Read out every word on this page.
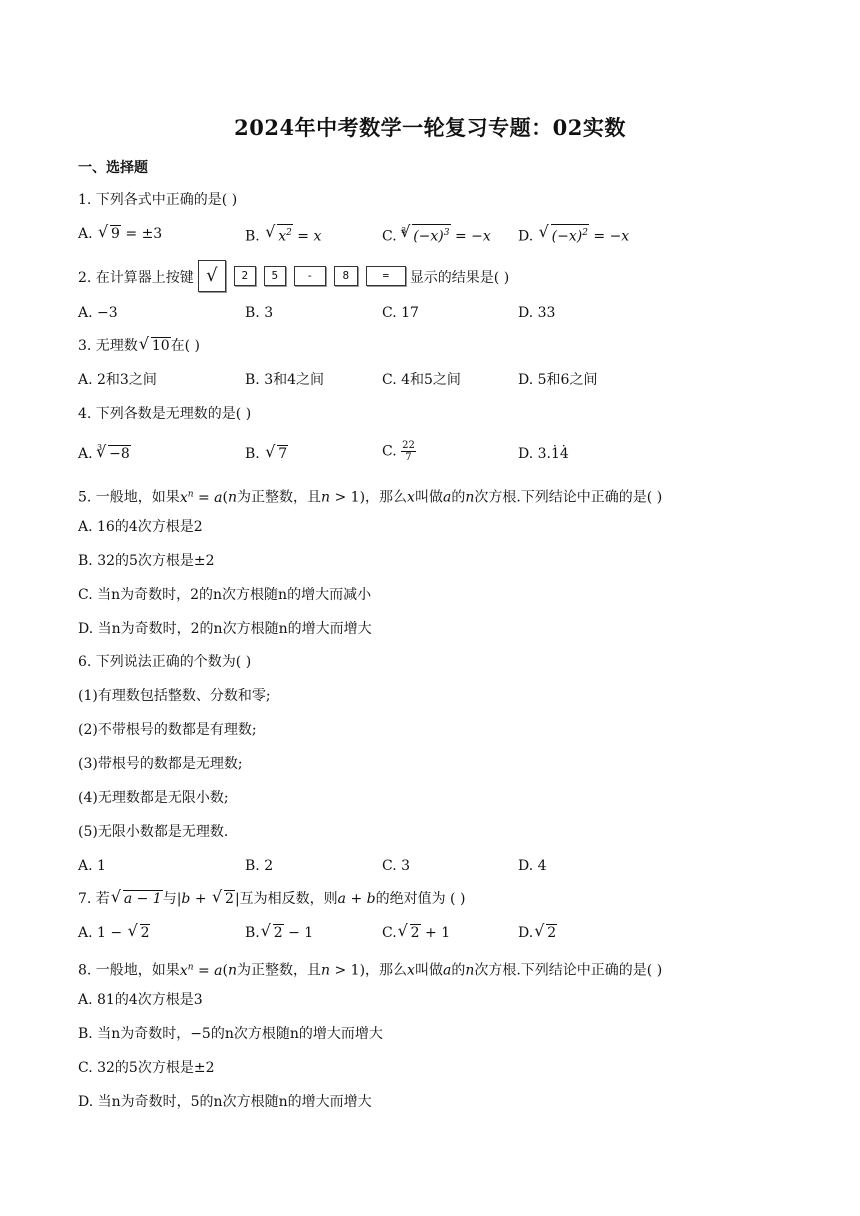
2024年中考数学一轮复习专题：02实数
一、选择题
1. 下列各式中正确的是( )
A. √ 9 = ±3	B. √ $x^2 = x$	C. $^3$ √ $(-x)^3 = -x$ D. √ $(-x)^2 = -x$
2. 在计算器上按键 √ 2 5	-	8	= 显示的结果是( )
A. −3	B. 3	C. 17	D. 33
3. 无理数 √ 10在( )
A. 2和3之间	B. 3和4之间	C. 4和5之间	D. 5和6之间
4. 下列各数是无理数的是( )
A. $^3$ √ −8	B. √ 7	C. $\frac{22}{7}$	D. 3.1 ·4 ·
5. 一般地，如果$x^n = a(n$为正整数，且n > 1)，那么x叫做a的n次方根.下列结论中正确的是( )
A. 16的4次方根是2
B. 32的5次方根是±2
C. 当n为奇数时，2的n次方根随n的增大而减小
D. 当n为奇数时，2的n次方根随n的增大而增大
6. 下列说法正确的个数为( )
(1)有理数包括整数、分数和零;
(2)不带根号的数都是有理数;
(3)带根号的数都是无理数;
(4)无理数都是无限小数;
(5)无限小数都是无理数.
A. 1	B. 2	C. 3	D. 4
7. 若 √ a − 1与|b + √ 2|互为相反数，则a + b的绝对值为 ( )
A. 1 − √ 2	B. √ 2 − 1	C. √ 2 + 1	D. √ 2
8. 一般地，如果$x^n = a(n$为正整数，且n > 1)，那么x叫做a的n次方根.下列结论中正确的是( )
A. 81的4次方根是3
B. 当n为奇数时，−5的n次方根随n的增大而增大
C. 32的5次方根是±2
D. 当n为奇数时，5的n次方根随n的增大而增大
